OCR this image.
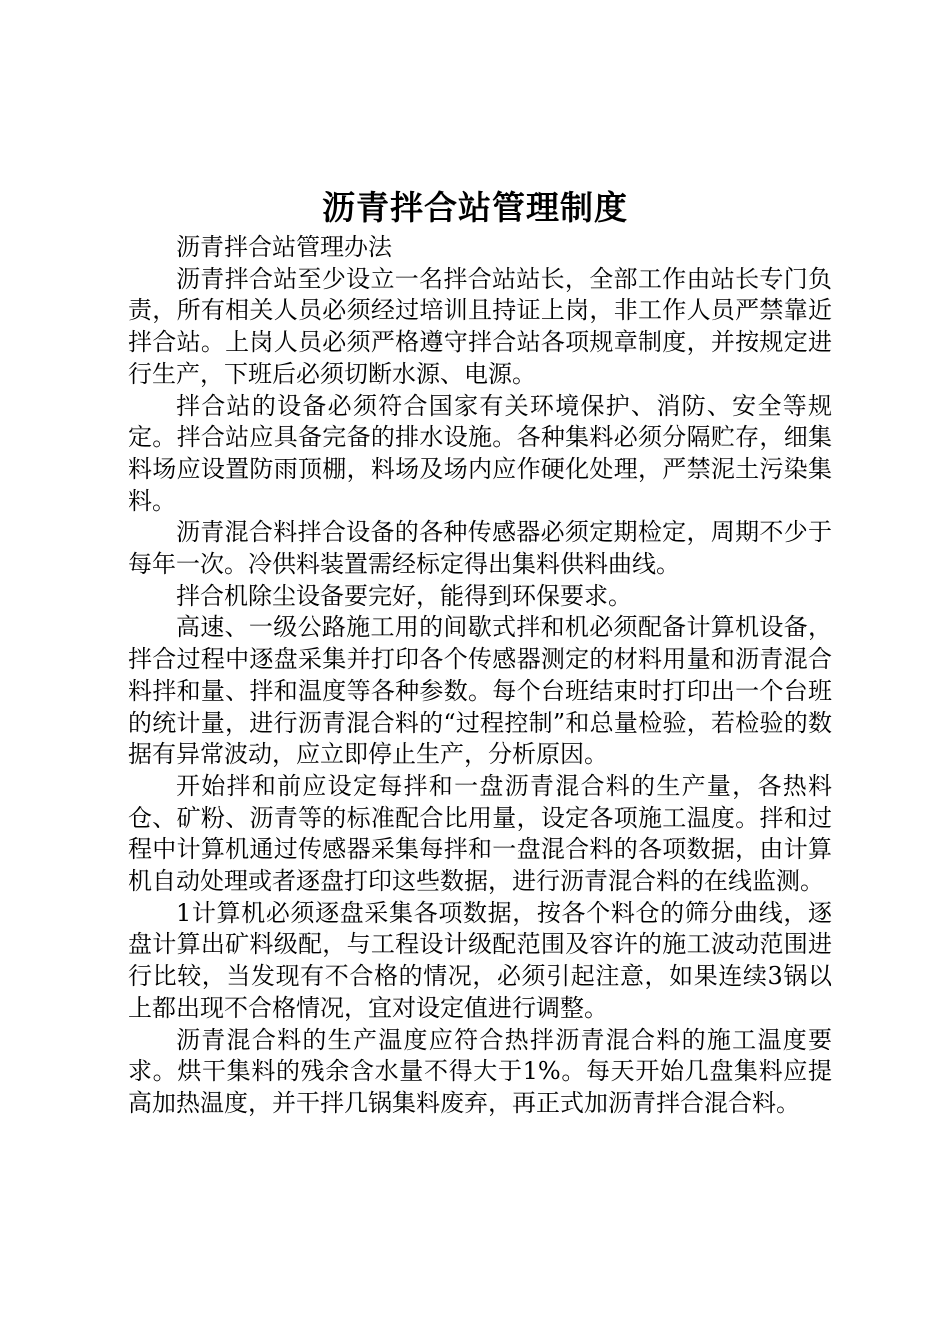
沥青拌合站管理制度

沥青拌合站管理办法

沥青拌合站至少设立一名拌合站站长，全部工作由站长专门负责，所有相关人员必须经过培训且持证上岗，非工作人员严禁靠近拌合站。上岗人员必须严格遵守拌合站各项规章制度，并按规定进行生产，下班后必须切断水源、电源。

拌合站的设备必须符合国家有关环境保护、消防、安全等规定。拌合站应具备完备的排水设施。各种集料必须分隔贮存，细集料场应设置防雨顶棚，料场及场内应作硬化处理，严禁泥土污染集料。

沥青混合料拌合设备的各种传感器必须定期检定，周期不少于每年一次。冷供料装置需经标定得出集料供料曲线。

拌合机除尘设备要完好，能得到环保要求。

高速、一级公路施工用的间歇式拌和机必须配备计算机设备，拌合过程中逐盘采集并打印各个传感器测定的材料用量和沥青混合料拌和量、拌和温度等各种参数。每个台班结束时打印出一个台班的统计量，进行沥青混合料的“过程控制”和总量检验，若检验的数据有异常波动，应立即停止生产，分析原因。

开始拌和前应设定每拌和一盘沥青混合料的生产量，各热料仓、矿粉、沥青等的标准配合比用量，设定各项施工温度。拌和过程中计算机通过传感器采集每拌和一盘混合料的各项数据，由计算机自动处理或者逐盘打印这些数据，进行沥青混合料的在线监测。

1计算机必须逐盘采集各项数据，按各个料仓的筛分曲线，逐盘计算出矿料级配，与工程设计级配范围及容许的施工波动范围进行比较，当发现有不合格的情况，必须引起注意，如果连续3锅以上都出现不合格情况，宜对设定值进行调整。

沥青混合料的生产温度应符合热拌沥青混合料的施工温度要求。烘干集料的残余含水量不得大于1%。每天开始几盘集料应提高加热温度，并干拌几锅集料废弃，再正式加沥青拌合混合料。
